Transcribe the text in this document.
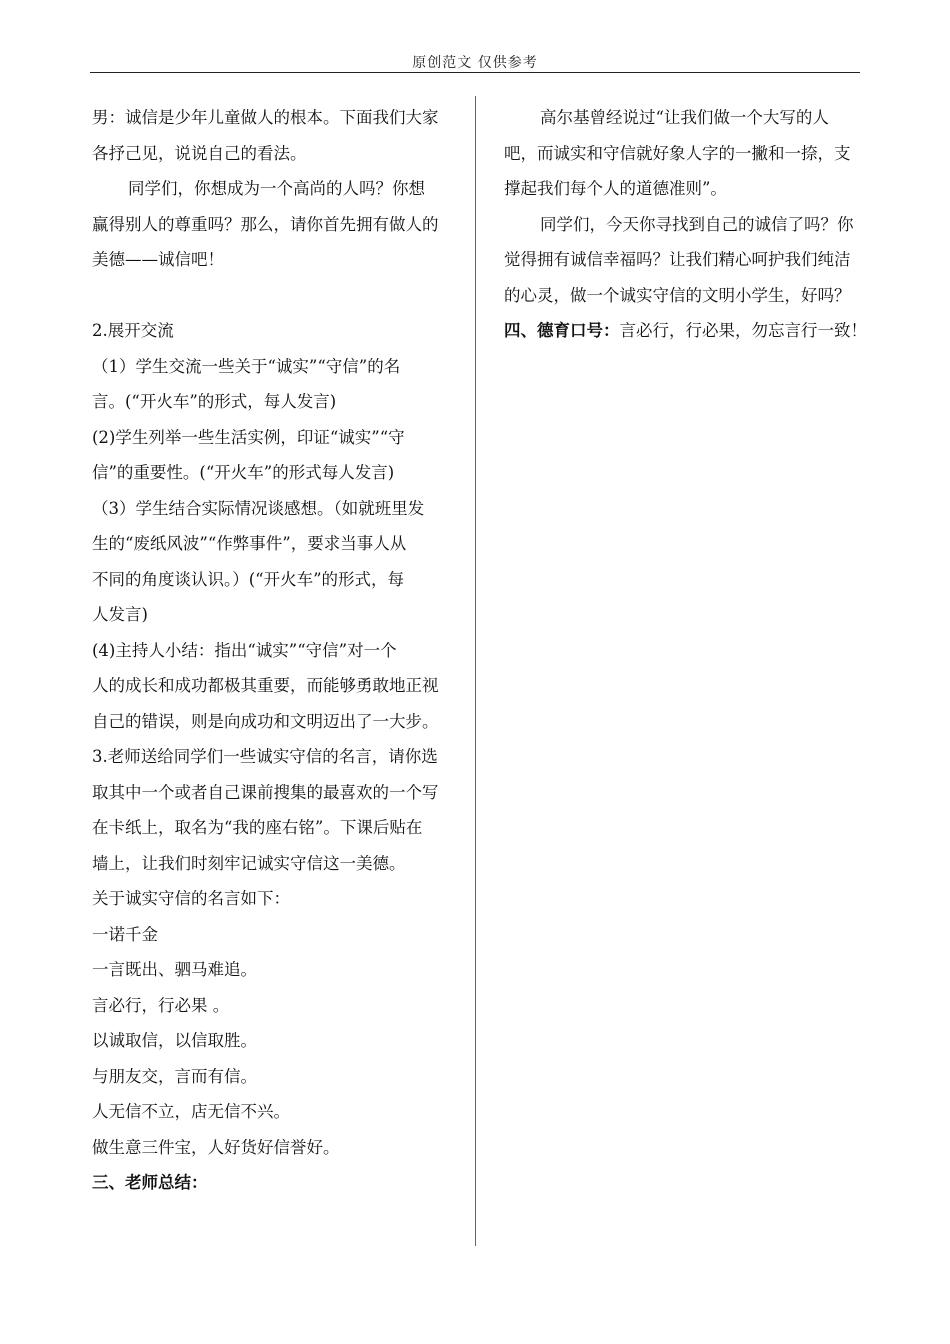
原创范文 仅供参考
男：诚信是少年儿童做人的根本。下面我们大家
各抒己见，说说自己的看法。
同学们，你想成为一个高尚的人吗？你想
赢得别人的尊重吗？那么，请你首先拥有做人的
美德——诚信吧！
2.展开交流
（1）学生交流一些关于“诚实”“守信”的名
言。(“开火车”的形式，每人发言)
(2)学生列举一些生活实例，印证“诚实”“守
信”的重要性。(“开火车”的形式每人发言)
（3）学生结合实际情况谈感想。（如就班里发
生的“废纸风波”“作弊事件”，要求当事人从
不同的角度谈认识。）(“开火车”的形式，每
人发言)
(4)主持人小结：指出“诚实”“守信”对一个
人的成长和成功都极其重要，而能够勇敢地正视
自己的错误，则是向成功和文明迈出了一大步。
3.老师送给同学们一些诚实守信的名言，请你选
取其中一个或者自己课前搜集的最喜欢的一个写
在卡纸上，取名为“我的座右铭”。下课后贴在
墙上，让我们时刻牢记诚实守信这一美德。
关于诚实守信的名言如下：
一诺千金
一言既出、驷马难追。
言必行，行必果 。
以诚取信，以信取胜。
与朋友交，言而有信。
人无信不立，店无信不兴。
做生意三件宝，人好货好信誉好。
三、老师总结：
高尔基曾经说过“让我们做一个大写的人
吧，而诚实和守信就好象人字的一撇和一捺，支
撑起我们每个人的道德准则”。
同学们，今天你寻找到自己的诚信了吗？你
觉得拥有诚信幸福吗？让我们精心呵护我们纯洁
的心灵，做一个诚实守信的文明小学生，好吗？
四、德育口号：言必行，行必果，勿忘言行一致！
